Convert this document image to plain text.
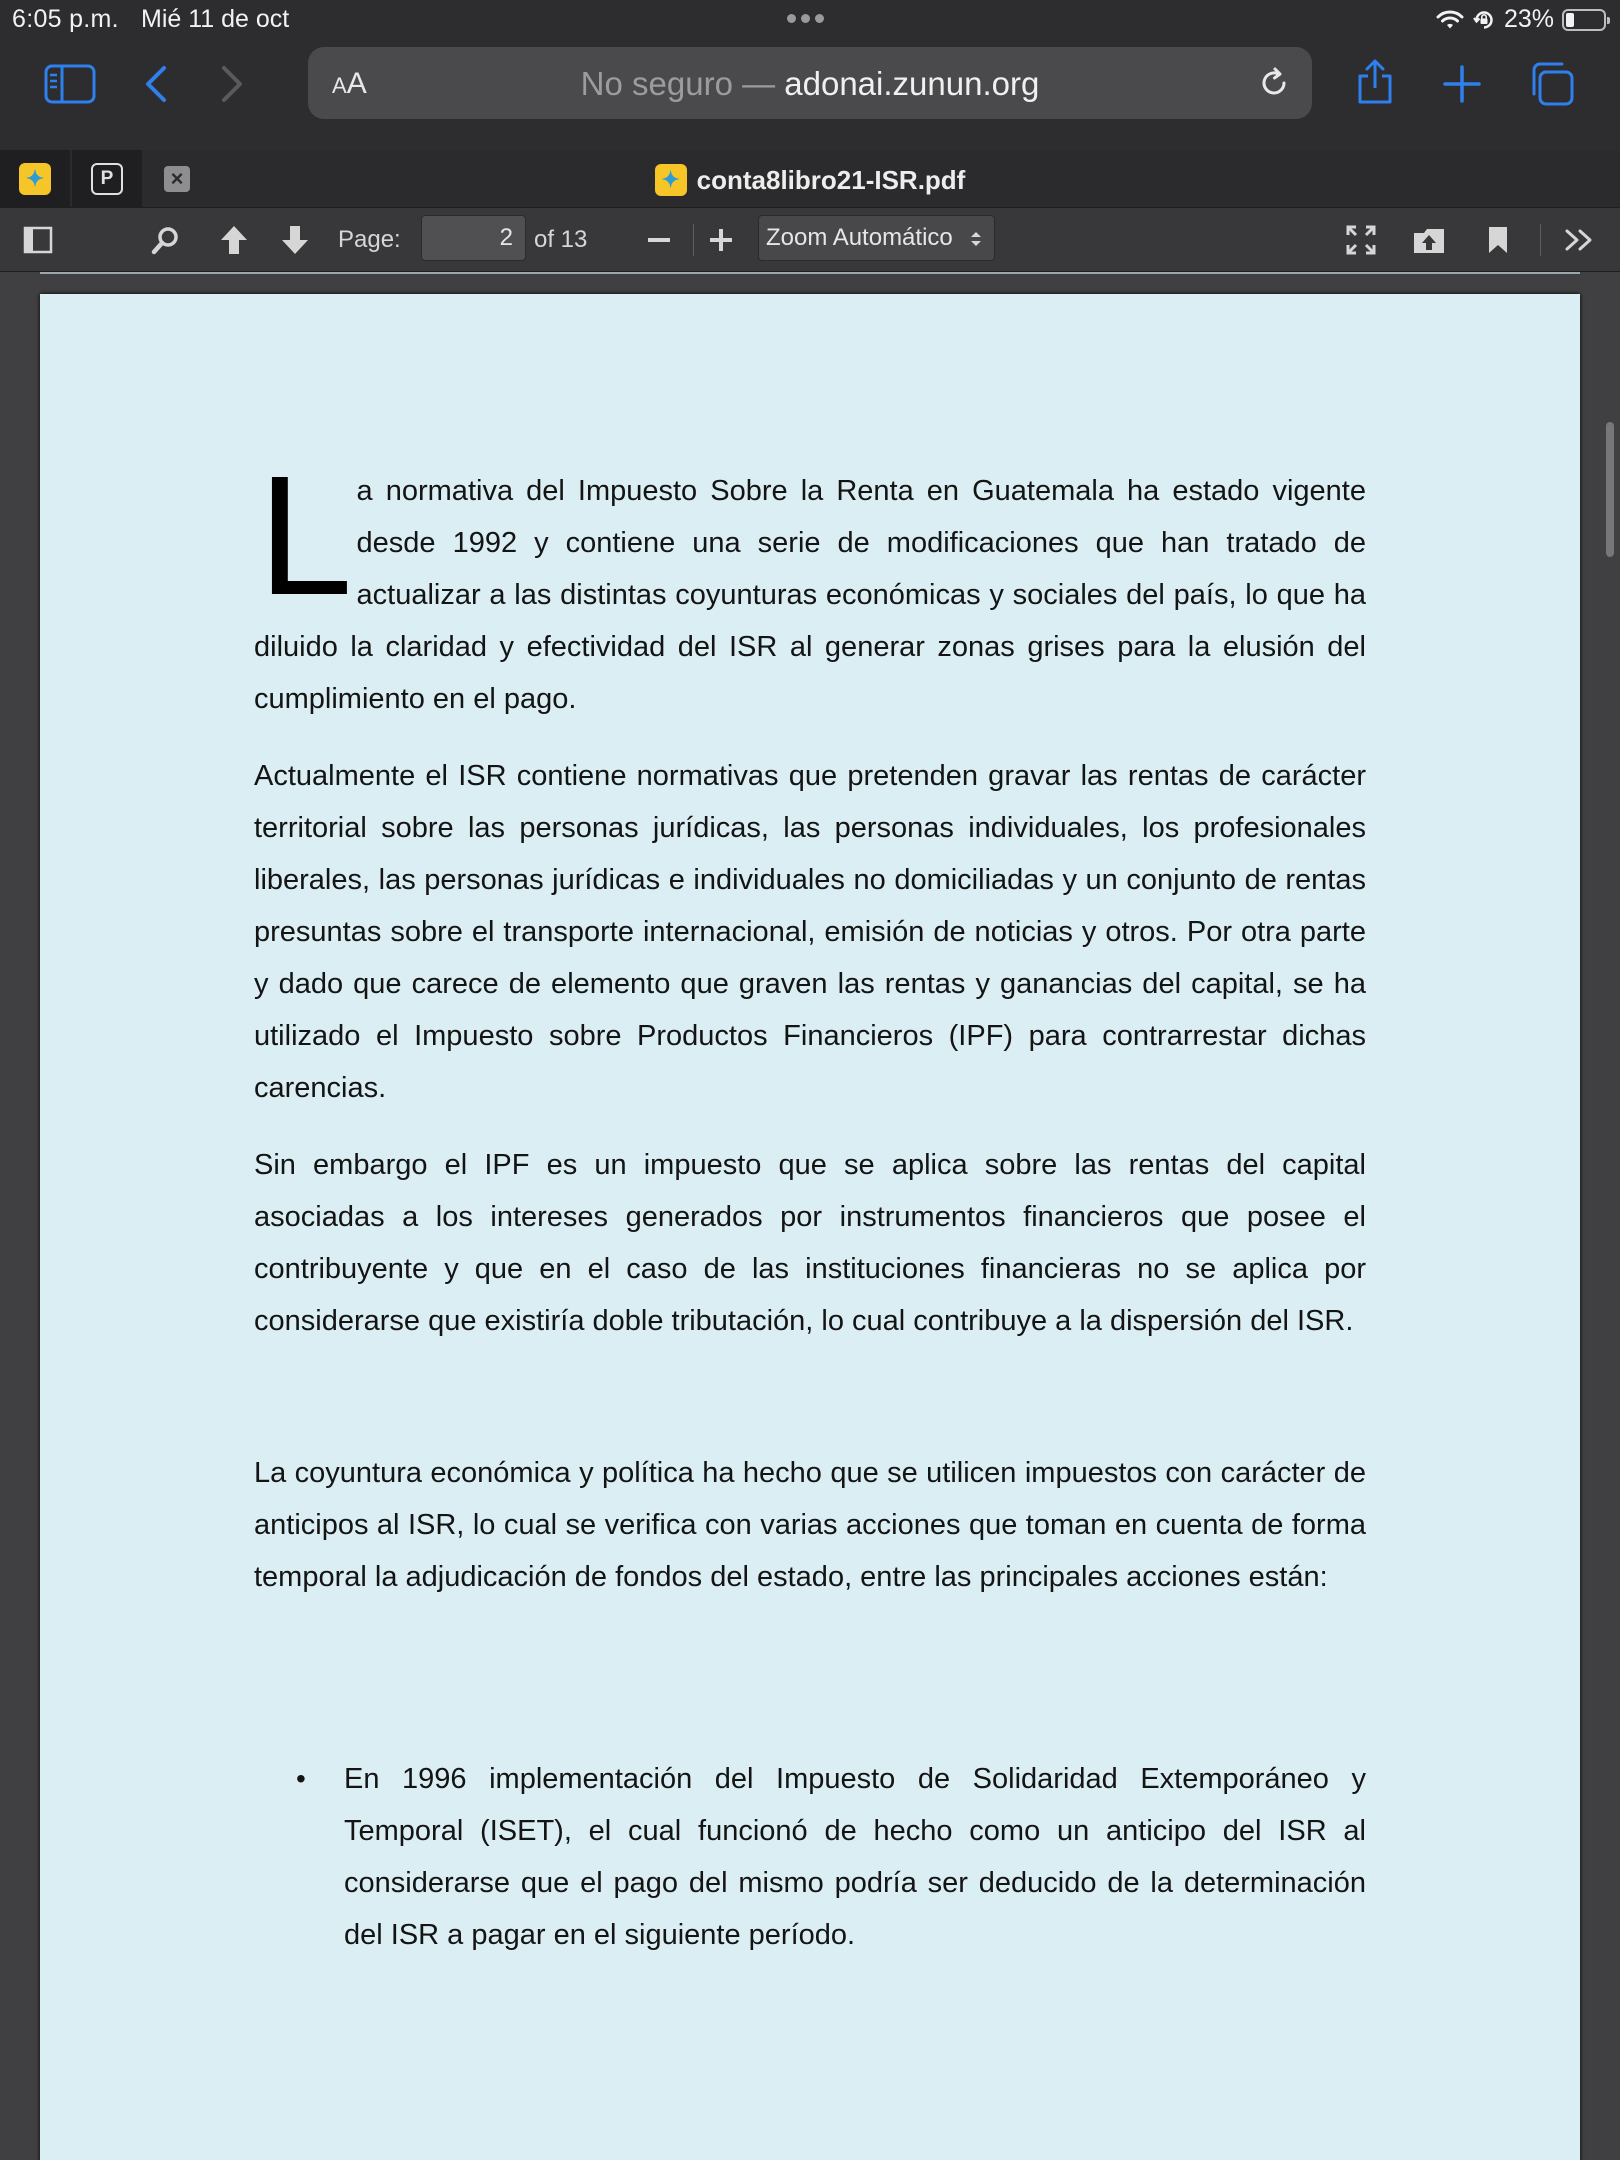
6:05 p.m. Mié 11 de oct	23%
AA	No seguro — adonai.zunun.org
✦	P	×	✦ conta8libro21-ISR.pdf
Page:	2 of 13	Zoom Automático

La normativa del Impuesto Sobre la Renta en Guatemala ha estado vigente desde 1992 y contiene una serie de modificaciones que han tratado de actualizar a las distintas coyunturas económicas y sociales del país, lo que ha diluido la claridad y efectividad del ISR al generar zonas grises para la elusión del cumplimiento en el pago.

Actualmente el ISR contiene normativas que pretenden gravar las rentas de carácter territorial sobre las personas jurídicas, las personas individuales, los profesionales liberales, las personas jurídicas e individuales no domiciliadas y un conjunto de rentas presuntas sobre el transporte internacional, emisión de noticias y otros. Por otra parte y dado que carece de elemento que graven las rentas y ganancias del capital, se ha utilizado el Impuesto sobre Productos Financieros (IPF) para contrarrestar dichas carencias.

Sin embargo el IPF es un impuesto que se aplica sobre las rentas del capital asociadas a los intereses generados por instrumentos financieros que posee el contribuyente y que en el caso de las instituciones financieras no se aplica por considerarse que existiría doble tributación, lo cual contribuye a la dispersión del ISR.

La coyuntura económica y política ha hecho que se utilicen impuestos con carácter de anticipos al ISR, lo cual se verifica con varias acciones que toman en cuenta de forma temporal la adjudicación de fondos del estado, entre las principales acciones están:

• En 1996 implementación del Impuesto de Solidaridad Extemporáneo y Temporal (ISET), el cual funcionó de hecho como un anticipo del ISR al considerarse que el pago del mismo podría ser deducido de la determinación del ISR a pagar en el siguiente período.
